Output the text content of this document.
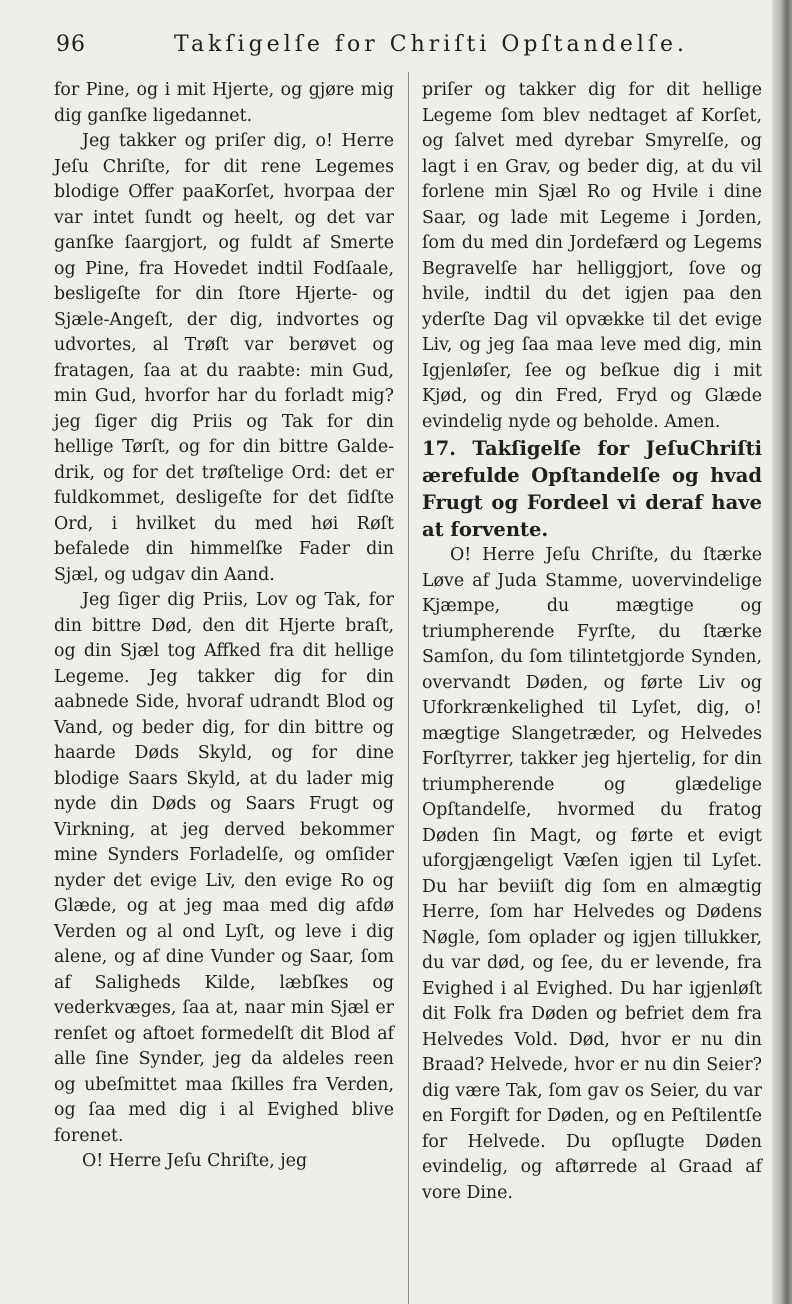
96	Takſigelſe for Chriſti Opſtandelſe.

for Pine, og i mit Hjerte, og gjøre mig dig ganſke ligedannet.

Jeg takker og priſer dig, o! Herre Jeſu Chriſte, for dit rene Legemes blodige Offer paaKorſet, hvorpaa der var intet ſundt og heelt, og det var ganſke ſaargjort, og fuldt af Smerte og Pine, fra Hovedet indtil Fodſaale, besligeſte for din ſtore Hjerte- og Sjæle-Angeſt, der dig, indvortes og udvortes, al Trøſt var berøvet og fratagen, ſaa at du raabte: min Gud, min Gud, hvorfor har du forladt mig? jeg ſiger dig Priis og Tak for din hellige Tørſt, og for din bittre Galde-drik, og for det trøſtelige Ord: det er fuldkommet, desligeſte for det ſidſte Ord, i hvilket du med høi Røſt befalede din himmelſke Fader din Sjæl, og udgav din Aand.

Jeg ſiger dig Priis, Lov og Tak, for din bittre Død, den dit Hjerte braſt, og din Sjæl tog Affked fra dit hellige Legeme. Jeg takker dig for din aabnede Side, hvoraf udrandt Blod og Vand, og beder dig, for din bittre og haarde Døds Skyld, og for dine blodige Saars Skyld, at du lader mig nyde din Døds og Saars Frugt og Virkning, at jeg derved bekommer mine Synders Forladelſe, og omſider nyder det evige Liv, den evige Ro og Glæde, og at jeg maa med dig afdø Verden og al ond Lyſt, og leve i dig alene, og af dine Vunder og Saar, ſom af Saligheds Kilde, læbſkes og vederkvæges, ſaa at, naar min Sjæl er renſet og aftoet formedelſt dit Blod af alle ſine Synder, jeg da aldeles reen og ubeſmittet maa ſkilles fra Verden, og ſaa med dig i al Evighed blive forenet.

O! Herre Jeſu Chriſte, jeg

priſer og takker dig for dit hellige Legeme ſom blev nedtaget af Korſet, og ſalvet med dyrebar Smyrelſe, og lagt i en Grav, og beder dig, at du vil forlene min Sjæl Ro og Hvile i dine Saar, og lade mit Legeme i Jorden, ſom du med din Jordefærd og Legems Begravelſe har helliggjort, ſove og hvile, indtil du det igjen paa den yderſte Dag vil opvække til det evige Liv, og jeg ſaa maa leve med dig, min Igjenløſer, ſee og beſkue dig i mit Kjød, og din Fred, Fryd og Glæde evindelig nyde og beholde. Amen.

17. Takſigelſe for JeſuChriſti ærefulde Opſtandelſe og hvad Frugt og Fordeel vi deraf have at forvente.

O! Herre Jeſu Chriſte, du ſtærke Løve af Juda Stamme, uovervindelige Kjæmpe, du mægtige og triumpherende Fyrſte, du ſtærke Samſon, du ſom tilintetgjorde Synden, overvandt Døden, og førte Liv og Uforkrænkelighed til Lyſet, dig, o! mægtige Slangetræder, og Helvedes Forſtyrrer, takker jeg hjertelig, for din triumpherende og glædelige Opſtandelſe, hvormed du fratog Døden ſin Magt, og førte et evigt uforgjængeligt Væſen igjen til Lyſet. Du har beviiſt dig ſom en almægtig Herre, ſom har Helvedes og Dødens Nøgle, ſom oplader og igjen tillukker, du var død, og ſee, du er levende, fra Evighed i al Evighed. Du har igjenløſt dit Folk fra Døden og befriet dem fra Helvedes Vold. Død, hvor er nu din Braad? Helvede, hvor er nu din Seier? dig være Tak, ſom gav os Seier, du var en Forgift for Døden, og en Peſtilentſe for Helvede. Du opſlugte Døden evindelig, og aftørrede al Graad af vore Dine.
